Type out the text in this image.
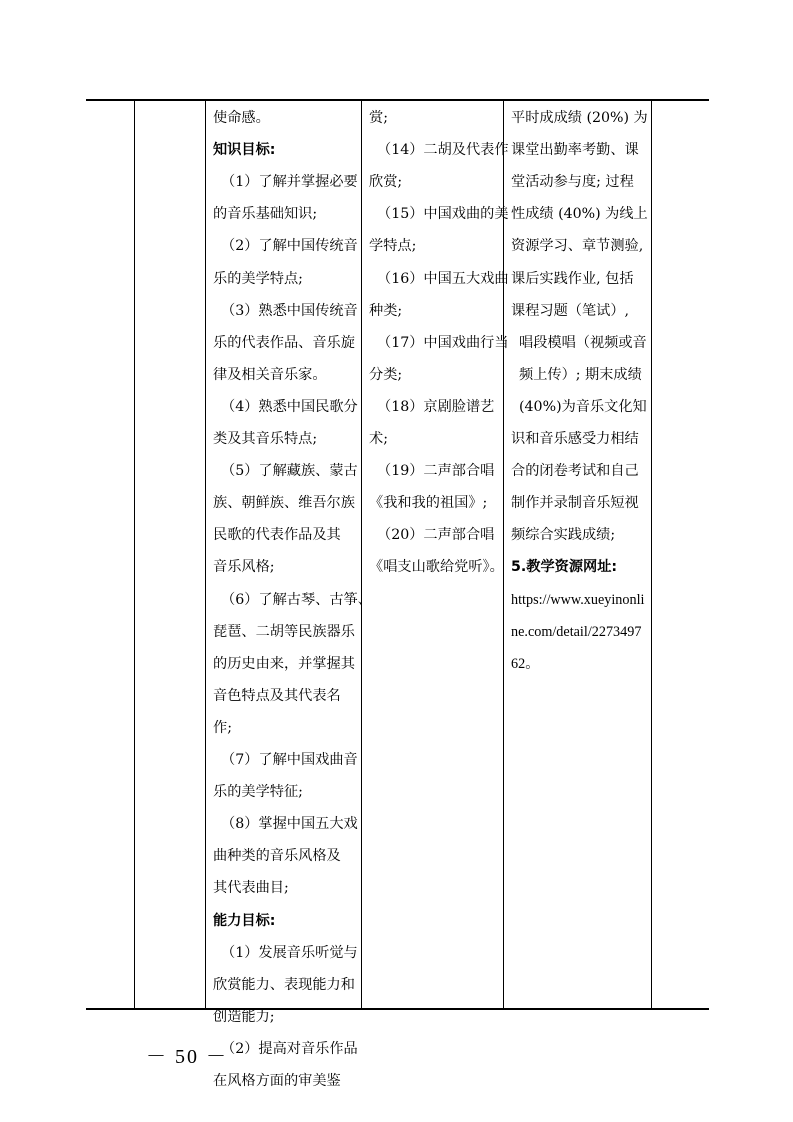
使命感。
知识目标:
（1）了解并掌握必要
的音乐基础知识;
（2）了解中国传统音
乐的美学特点;
（3）熟悉中国传统音
乐的代表作品、音乐旋
律及相关音乐家。
（4）熟悉中国民歌分
类及其音乐特点;
（5）了解藏族、蒙古
族、朝鲜族、维吾尔族
民歌的代表作品及其
音乐风格;
（6）了解古琴、古筝、
琵琶、二胡等民族器乐
的历史由来，并掌握其
音色特点及其代表名
作;
（7）了解中国戏曲音
乐的美学特征;
（8）掌握中国五大戏
曲种类的音乐风格及
其代表曲目;
能力目标:
（1）发展音乐听觉与
欣赏能力、表现能力和
创造能力;
（2）提高对音乐作品
在风格方面的审美鉴
赏;
（14）二胡及代表作
欣赏;
（15）中国戏曲的美
学特点;
（16）中国五大戏曲
种类;
（17）中国戏曲行当
分类;
（18）京剧脸谱艺
术;
（19）二声部合唱
《我和我的祖国》;
（20）二声部合唱
《唱支山歌给党听》。
平时成成绩 (20%) 为
课堂出勤率考勤、课
堂活动参与度; 过程
性成绩 (40%) 为线上
资源学习、章节测验,
课后实践作业, 包括
课程习题（笔试）,
唱段模唱（视频或音
频上传）; 期末成绩
(40%)为音乐文化知
识和音乐感受力相结
合的闭卷考试和自己
制作并录制音乐短视
频综合实践成绩;
5.教学资源网址:
https://www.xueyinonli
ne.com/detail/2273497
62。
－ 50 －
